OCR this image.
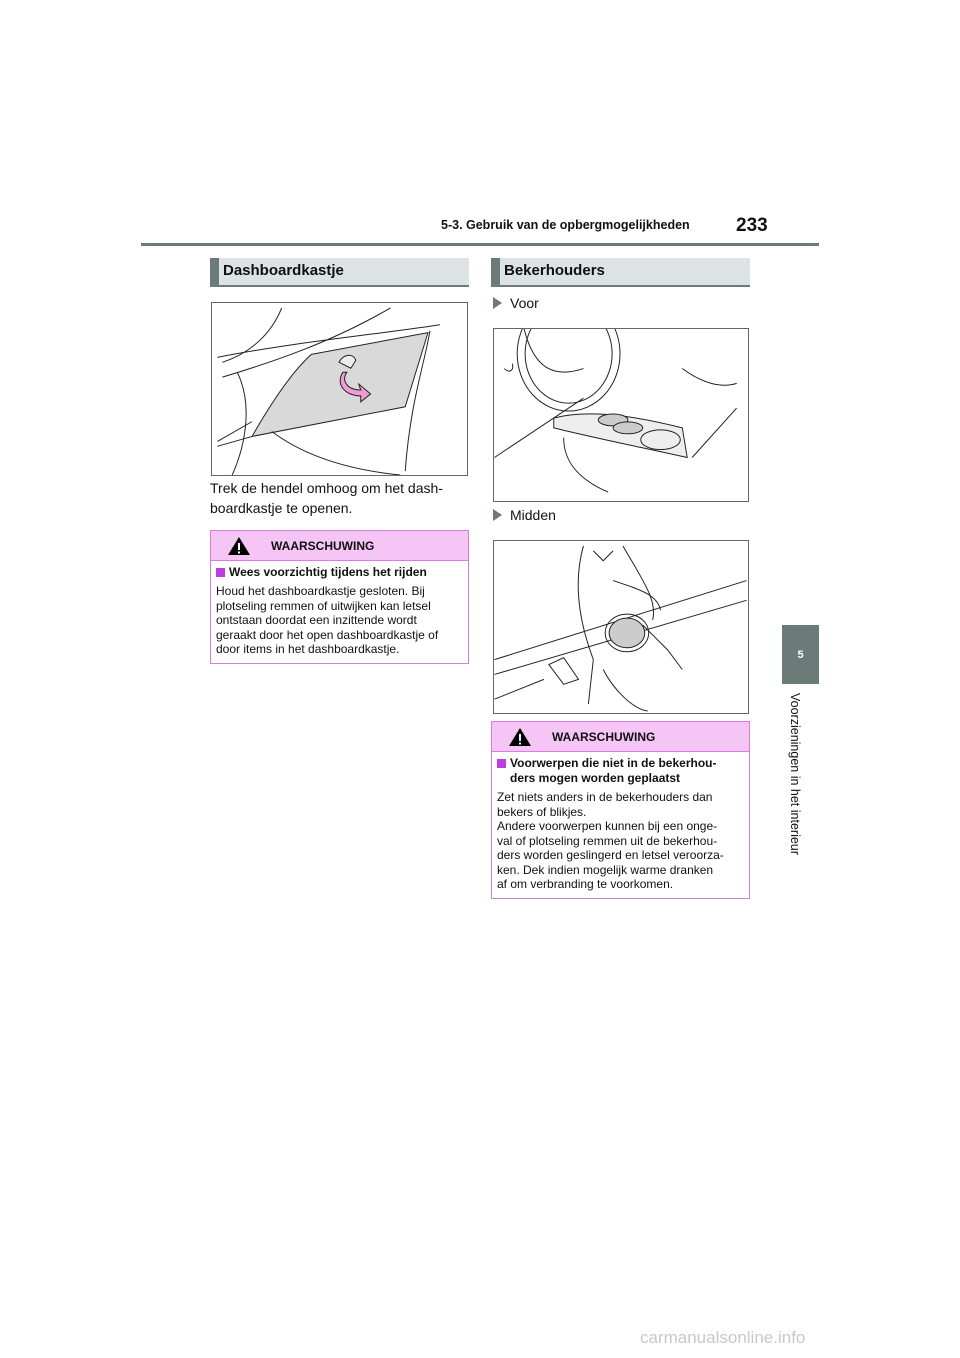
5-3. Gebruik van de opbergmogelijkheden 233
5
Voorzieningen in het interieur
Dashboardkastje
Trek de hendel omhoog om het dash-
boardkastje te openen.
WAARSCHUWING
Wees voorzichtig tijdens het rijden
Houd het dashboardkastje gesloten. Bij
plotseling remmen of uitwijken kan letsel
ontstaan doordat een inzittende wordt
geraakt door het open dashboardkastje of
door items in het dashboardkastje.
Bekerhouders
Voor
Midden
WAARSCHUWING
Voorwerpen die niet in de bekerhou-
ders mogen worden geplaatst
Zet niets anders in de bekerhouders dan
bekers of blikjes.
Andere voorwerpen kunnen bij een onge-
val of plotseling remmen uit de bekerhou-
ders worden geslingerd en letsel veroorza-
ken. Dek indien mogelijk warme dranken
af om verbranding te voorkomen.
carmanualsonline.info
